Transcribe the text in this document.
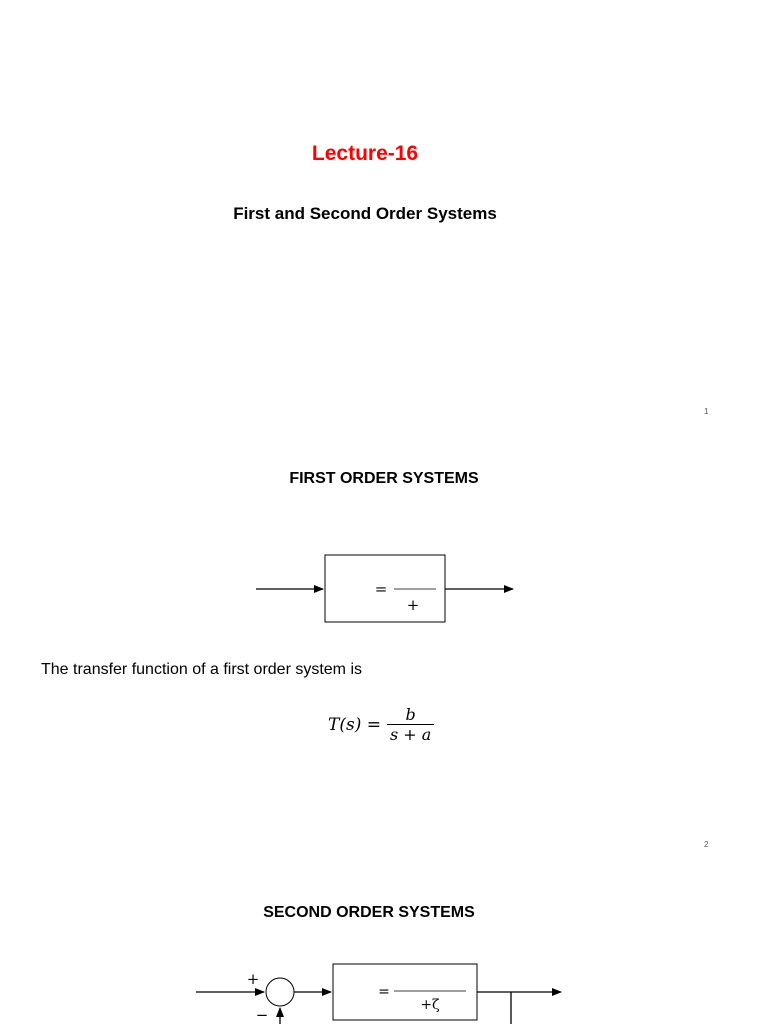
Lecture-16
First and Second Order Systems
1
FIRST ORDER SYSTEMS
=
+
The transfer function of a first order system is
T(s) =
b
s + a
2
SECOND ORDER SYSTEMS
+
−
=
+ζ
